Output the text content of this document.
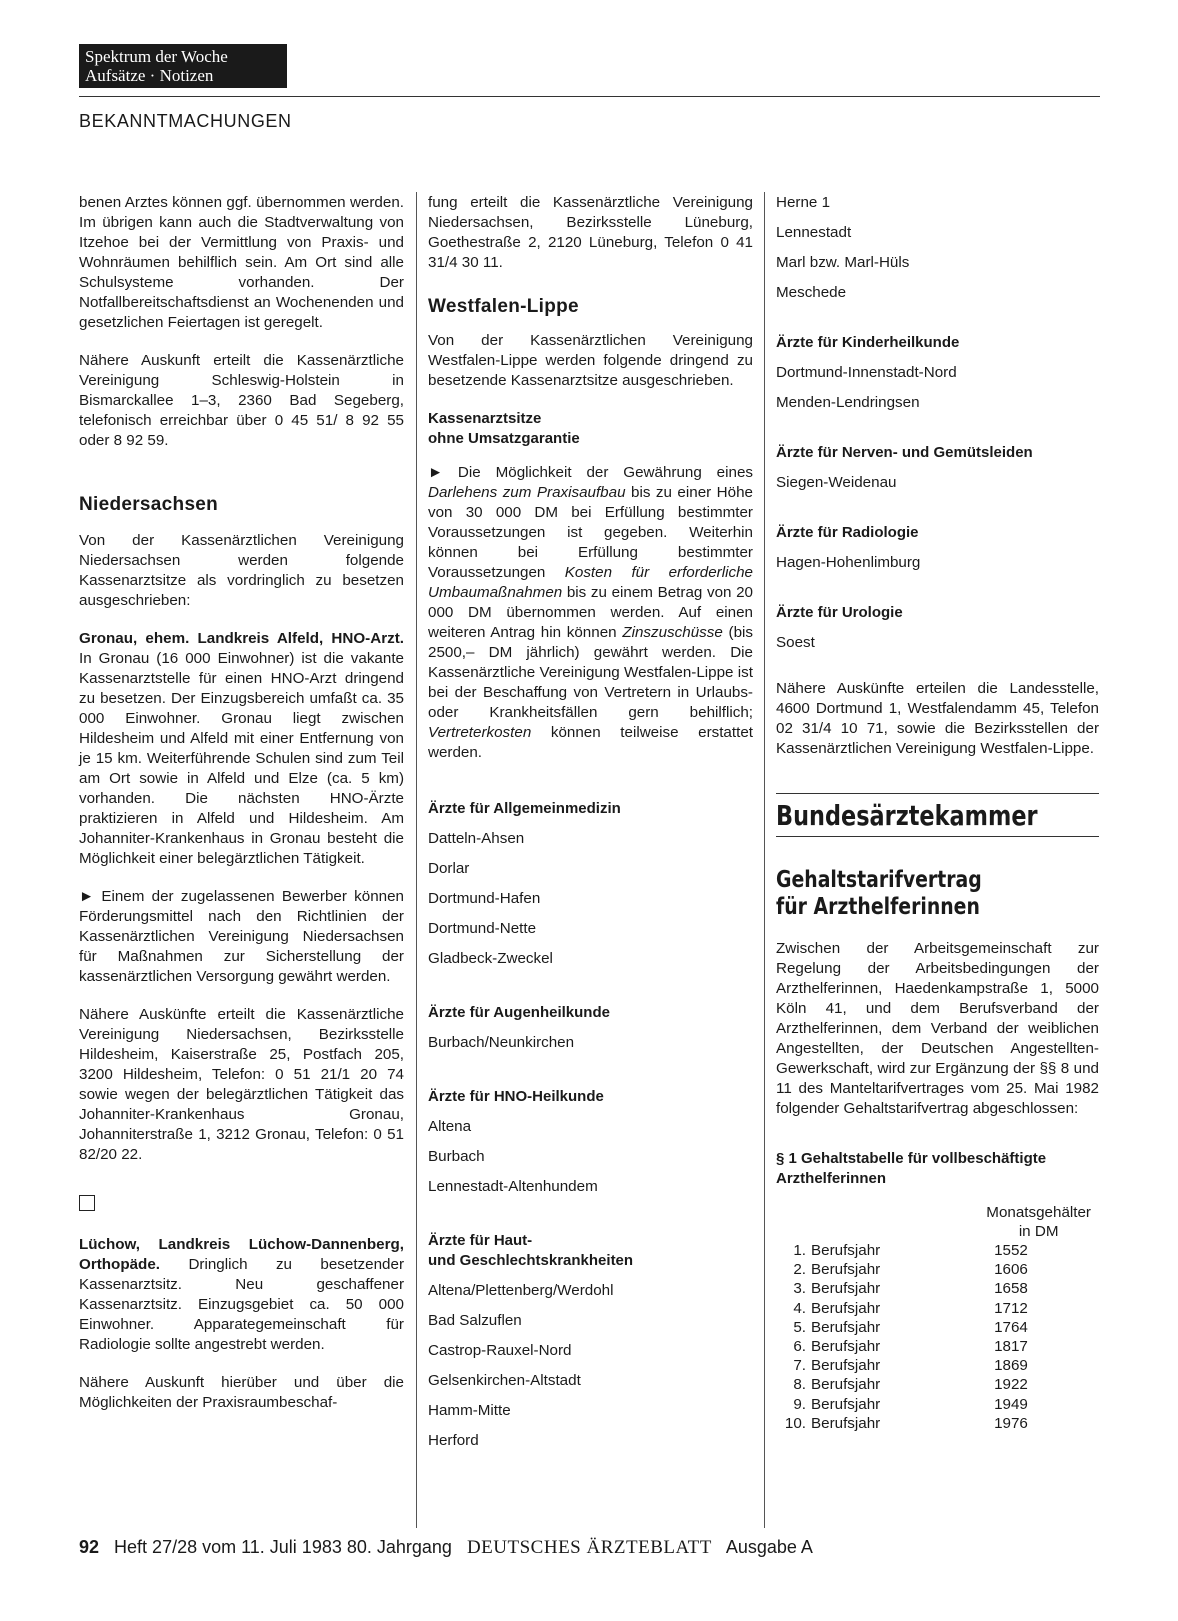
Spektrum der Woche
Aufsätze · Notizen
BEKANNTMACHUNGEN

benen Arztes können ggf. übernommen werden. Im übrigen kann auch die Stadtverwaltung von Itzehoe bei der Vermittlung von Praxis- und Wohnräumen behilflich sein. Am Ort sind alle Schulsysteme vorhanden. Der Notfallbereitschaftsdienst an Wochenenden und gesetzlichen Feiertagen ist geregelt.

Nähere Auskunft erteilt die Kassenärztliche Vereinigung Schleswig-Holstein in Bismarckallee 1–3, 2360 Bad Segeberg, telefonisch erreichbar über 0 45 51/ 8 92 55 oder 8 92 59.

Niedersachsen

Von der Kassenärztlichen Vereinigung Niedersachsen werden folgende Kassenarztsitze als vordringlich zu besetzen ausgeschrieben:

Gronau, ehem. Landkreis Alfeld, HNO-Arzt. In Gronau (16 000 Einwohner) ist die vakante Kassenarztstelle für einen HNO-Arzt dringend zu besetzen. Der Einzugsbereich umfaßt ca. 35 000 Einwohner. Gronau liegt zwischen Hildesheim und Alfeld mit einer Entfernung von je 15 km. Weiterführende Schulen sind zum Teil am Ort sowie in Alfeld und Elze (ca. 5 km) vorhanden. Die nächsten HNO-Ärzte praktizieren in Alfeld und Hildesheim. Am Johanniter-Krankenhaus in Gronau besteht die Möglichkeit einer belegärztlichen Tätigkeit.

► Einem der zugelassenen Bewerber können Förderungsmittel nach den Richtlinien der Kassenärztlichen Vereinigung Niedersachsen für Maßnahmen zur Sicherstellung der kassenärztlichen Versorgung gewährt werden.

Nähere Auskünfte erteilt die Kassenärztliche Vereinigung Niedersachsen, Bezirksstelle Hildesheim, Kaiserstraße 25, Postfach 205, 3200 Hildesheim, Telefon: 0 51 21/1 20 74 sowie wegen der belegärztlichen Tätigkeit das Johanniter-Krankenhaus Gronau, Johanniterstraße 1, 3212 Gronau, Telefon: 0 51 82/20 22.

Lüchow, Landkreis Lüchow-Dannenberg, Orthopäde. Dringlich zu besetzender Kassenarztsitz. Neu geschaffener Kassenarztsitz. Einzugsgebiet ca. 50 000 Einwohner. Apparategemeinschaft für Radiologie sollte angestrebt werden.

Nähere Auskunft hierüber und über die Möglichkeiten der Praxisraumbeschaf-

fung erteilt die Kassenärztliche Vereinigung Niedersachsen, Bezirksstelle Lüneburg, Goethestraße 2, 2120 Lüneburg, Telefon 0 41 31/4 30 11.

Westfalen-Lippe

Von der Kassenärztlichen Vereinigung Westfalen-Lippe werden folgende dringend zu besetzende Kassenarztsitze ausgeschrieben.

Kassenarztsitze
ohne Umsatzgarantie

► Die Möglichkeit der Gewährung eines Darlehens zum Praxisaufbau bis zu einer Höhe von 30 000 DM bei Erfüllung bestimmter Voraussetzungen ist gegeben. Weiterhin können bei Erfüllung bestimmter Voraussetzungen Kosten für erforderliche Umbaumaßnahmen bis zu einem Betrag von 20 000 DM übernommen werden. Auf einen weiteren Antrag hin können Zinszuschüsse (bis 2500,– DM jährlich) gewährt werden. Die Kassenärztliche Vereinigung Westfalen-Lippe ist bei der Beschaffung von Vertretern in Urlaubs- oder Krankheitsfällen gern behilflich; Vertreterkosten können teilweise erstattet werden.

Ärzte für Allgemeinmedizin

Datteln-Ahsen

Dorlar

Dortmund-Hafen

Dortmund-Nette

Gladbeck-Zweckel

Ärzte für Augenheilkunde

Burbach/Neunkirchen

Ärzte für HNO-Heilkunde

Altena

Burbach

Lennestadt-Altenhundem

Ärzte für Haut-
und Geschlechtskrankheiten

Altena/Plettenberg/Werdohl

Bad Salzuflen

Castrop-Rauxel-Nord

Gelsenkirchen-Altstadt

Hamm-Mitte

Herford

Herne 1

Lennestadt

Marl bzw. Marl-Hüls

Meschede

Ärzte für Kinderheilkunde

Dortmund-Innenstadt-Nord

Menden-Lendringsen

Ärzte für Nerven- und Gemütsleiden

Siegen-Weidenau

Ärzte für Radiologie

Hagen-Hohenlimburg

Ärzte für Urologie

Soest

Nähere Auskünfte erteilen die Landesstelle, 4600 Dortmund 1, Westfalendamm 45, Telefon 02 31/4 10 71, sowie die Bezirksstellen der Kassenärztlichen Vereinigung Westfalen-Lippe.

Bundesärztekammer
Gehaltstarifvertrag
für Arzthelferinnen

Zwischen der Arbeitsgemeinschaft zur Regelung der Arbeitsbedingungen der Arzthelferinnen, Haedenkampstraße 1, 5000 Köln 41, und dem Berufsverband der Arzthelferinnen, dem Verband der weiblichen Angestellten, der Deutschen Angestellten-Gewerkschaft, wird zur Ergänzung der §§ 8 und 11 des Manteltarifvertrages vom 25. Mai 1982 folgender Gehaltstarifvertrag abgeschlossen:

§ 1 Gehaltstabelle für vollbeschäftigte Arzthelferinnen
Monatsgehälter
in DM
1. Berufsjahr	1552
2. Berufsjahr	1606
3. Berufsjahr	1658
4. Berufsjahr	1712
5. Berufsjahr	1764
6. Berufsjahr	1817
7. Berufsjahr	1869
8. Berufsjahr	1922
9. Berufsjahr	1949
10. Berufsjahr	1976
92 Heft 27/28 vom 11. Juli 1983 80. Jahrgang DEUTSCHES ÄRZTEBLATT Ausgabe A
